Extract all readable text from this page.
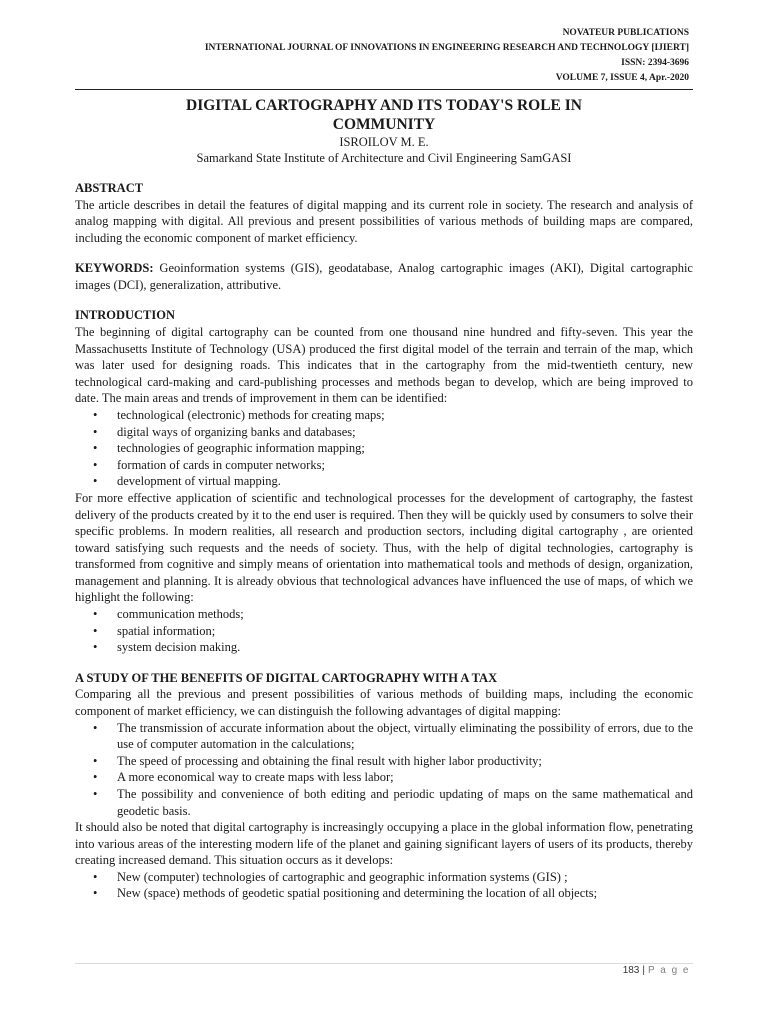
NOVATEUR PUBLICATIONS
INTERNATIONAL JOURNAL OF INNOVATIONS IN ENGINEERING RESEARCH AND TECHNOLOGY [IJIERT]
ISSN: 2394-3696
VOLUME 7, ISSUE 4, Apr.-2020
DIGITAL CARTOGRAPHY AND ITS TODAY'S ROLE IN
COMMUNITY
ISROILOV M. E.
Samarkand State Institute of Architecture and Civil Engineering SamGASI
ABSTRACT

The article describes in detail the features of digital mapping and its current role in society. The research and analysis of analog mapping with digital. All previous and present possibilities of various methods of building maps are compared, including the economic component of market efficiency.

KEYWORDS: Geoinformation systems (GIS), geodatabase, Analog cartographic images (AKI), Digital cartographic images (DCI), generalization, attributive.

INTRODUCTION

The beginning of digital cartography can be counted from one thousand nine hundred and fifty-seven. This year the Massachusetts Institute of Technology (USA) produced the first digital model of the terrain and terrain of the map, which was later used for designing roads. This indicates that in the cartography from the mid-twentieth century, new technological card-making and card-publishing processes and methods began to develop, which are being improved to date. The main areas and trends of improvement in them can be identified:

• technological (electronic) methods for creating maps;
• digital ways of organizing banks and databases;
• technologies of geographic information mapping;
• formation of cards in computer networks;
• development of virtual mapping.

For more effective application of scientific and technological processes for the development of cartography, the fastest delivery of the products created by it to the end user is required. Then they will be quickly used by consumers to solve their specific problems. In modern realities, all research and production sectors, including digital cartography , are oriented toward satisfying such requests and the needs of society. Thus, with the help of digital technologies, cartography is transformed from cognitive and simply means of orientation into mathematical tools and methods of design, organization, management and planning. It is already obvious that technological advances have influenced the use of maps, of which we highlight the following:

• communication methods;
• spatial information;
• system decision making.
A STUDY OF THE BENEFITS OF DIGITAL CARTOGRAPHY WITH A TAX

Comparing all the previous and present possibilities of various methods of building maps, including the economic component of market efficiency, we can distinguish the following advantages of digital mapping:

• The transmission of accurate information about the object, virtually eliminating the possibility of errors, due to the use of computer automation in the calculations;
• The speed of processing and obtaining the final result with higher labor productivity;
• A more economical way to create maps with less labor;
• The possibility and convenience of both editing and periodic updating of maps on the same mathematical and geodetic basis.

It should also be noted that digital cartography is increasingly occupying a place in the global information flow, penetrating into various areas of the interesting modern life of the planet and gaining significant layers of users of its products, thereby creating increased demand. This situation occurs as it develops:

• New (computer) technologies of cartographic and geographic information systems (GIS) ;
• New (space) methods of geodetic spatial positioning and determining the location of all objects;
183 | P a g e
